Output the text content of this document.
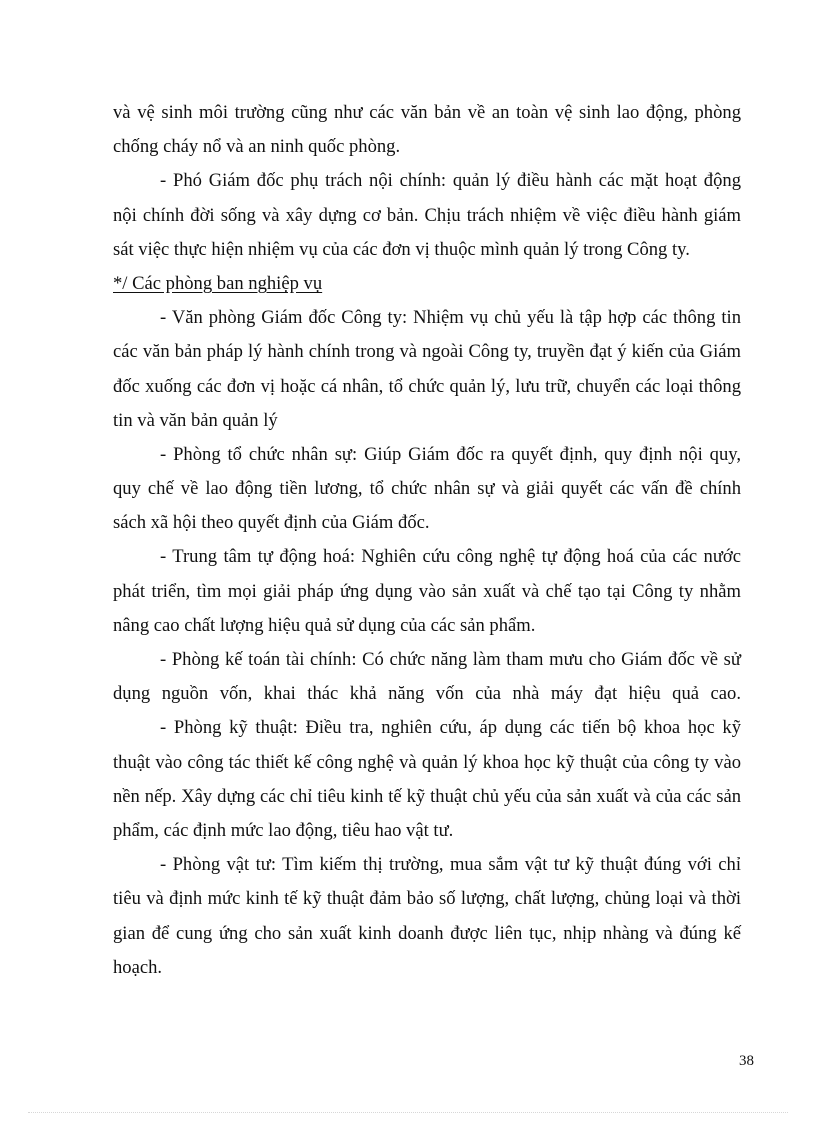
và vệ sinh môi trường cũng như các văn bản về an toàn vệ sinh lao động, phòng
chống cháy nổ và an ninh quốc phòng.
- Phó Giám đốc phụ trách nội chính: quản lý điều hành các mặt hoạt động
nội chính đời sống và xây dựng cơ bản. Chịu trách nhiệm về việc điều hành giám
sát việc thực hiện nhiệm vụ của các đơn vị thuộc mình quản lý trong Công ty.
*/ Các phòng ban nghiệp vụ
- Văn phòng Giám đốc Công ty: Nhiệm vụ chủ yếu là tập hợp các thông tin
các văn bản pháp lý hành chính trong và ngoài Công ty, truyền đạt ý kiến của Giám
đốc xuống các đơn vị hoặc cá nhân, tổ chức quản lý, lưu trữ, chuyển các loại thông
tin và văn bản quản lý
- Phòng tổ chức nhân sự: Giúp Giám đốc ra quyết định, quy định nội quy,
quy chế về lao động tiền lương, tổ chức nhân sự và giải quyết các vấn đề chính
sách xã hội theo quyết định của Giám đốc.
- Trung tâm tự động hoá: Nghiên cứu công nghệ tự động hoá của các nước
phát triển, tìm mọi giải pháp ứng dụng vào sản xuất và chế tạo tại Công ty nhằm
nâng cao chất lượng hiệu quả sử dụng của các sản phẩm.
- Phòng kế toán tài chính: Có chức năng làm tham mưu cho Giám đốc về sử
dụng nguồn vốn, khai thác khả năng vốn của nhà máy đạt hiệu quả cao.
- Phòng kỹ thuật: Điều tra, nghiên cứu, áp dụng các tiến bộ khoa học kỹ
thuật vào công tác thiết kế công nghệ và quản lý khoa học kỹ thuật của công ty vào
nền nếp. Xây dựng các chỉ tiêu kinh tế kỹ thuật chủ yếu của sản xuất và của các sản
phẩm, các định mức lao động, tiêu hao vật tư.
- Phòng vật tư: Tìm kiếm thị trường, mua sắm vật tư kỹ thuật đúng với chỉ
tiêu và định mức kinh tế kỹ thuật đảm bảo số lượng, chất lượng, chủng loại và thời
gian để cung ứng cho sản xuất kinh doanh được liên tục, nhịp nhàng và đúng kế
hoạch.
38
